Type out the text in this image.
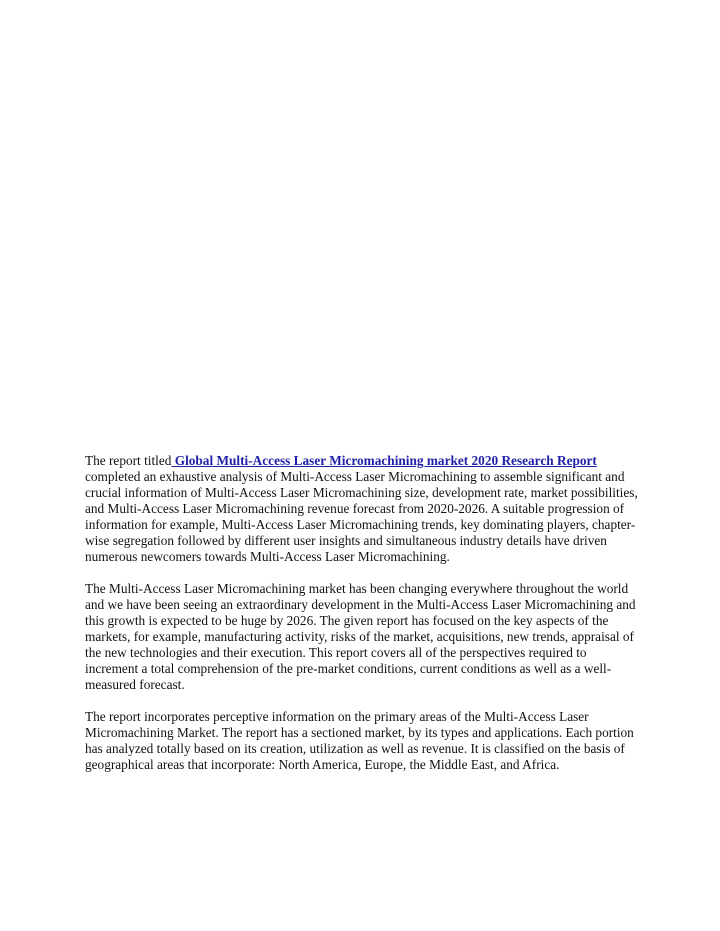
The report titled Global Multi-Access Laser Micromachining market 2020 Research Report completed an exhaustive analysis of Multi-Access Laser Micromachining to assemble significant and crucial information of Multi-Access Laser Micromachining size, development rate, market possibilities, and Multi-Access Laser Micromachining revenue forecast from 2020-2026. A suitable progression of information for example, Multi-Access Laser Micromachining trends, key dominating players, chapter-wise segregation followed by different user insights and simultaneous industry details have driven numerous newcomers towards Multi-Access Laser Micromachining.

The Multi-Access Laser Micromachining market has been changing everywhere throughout the world and we have been seeing an extraordinary development in the Multi-Access Laser Micromachining and this growth is expected to be huge by 2026. The given report has focused on the key aspects of the markets, for example, manufacturing activity, risks of the market, acquisitions, new trends, appraisal of the new technologies and their execution. This report covers all of the perspectives required to increment a total comprehension of the pre-market conditions, current conditions as well as a well-measured forecast.

The report incorporates perceptive information on the primary areas of the Multi-Access Laser Micromachining Market. The report has a sectioned market, by its types and applications. Each portion has analyzed totally based on its creation, utilization as well as revenue. It is classified on the basis of geographical areas that incorporate: North America, Europe, the Middle East, and Africa.
